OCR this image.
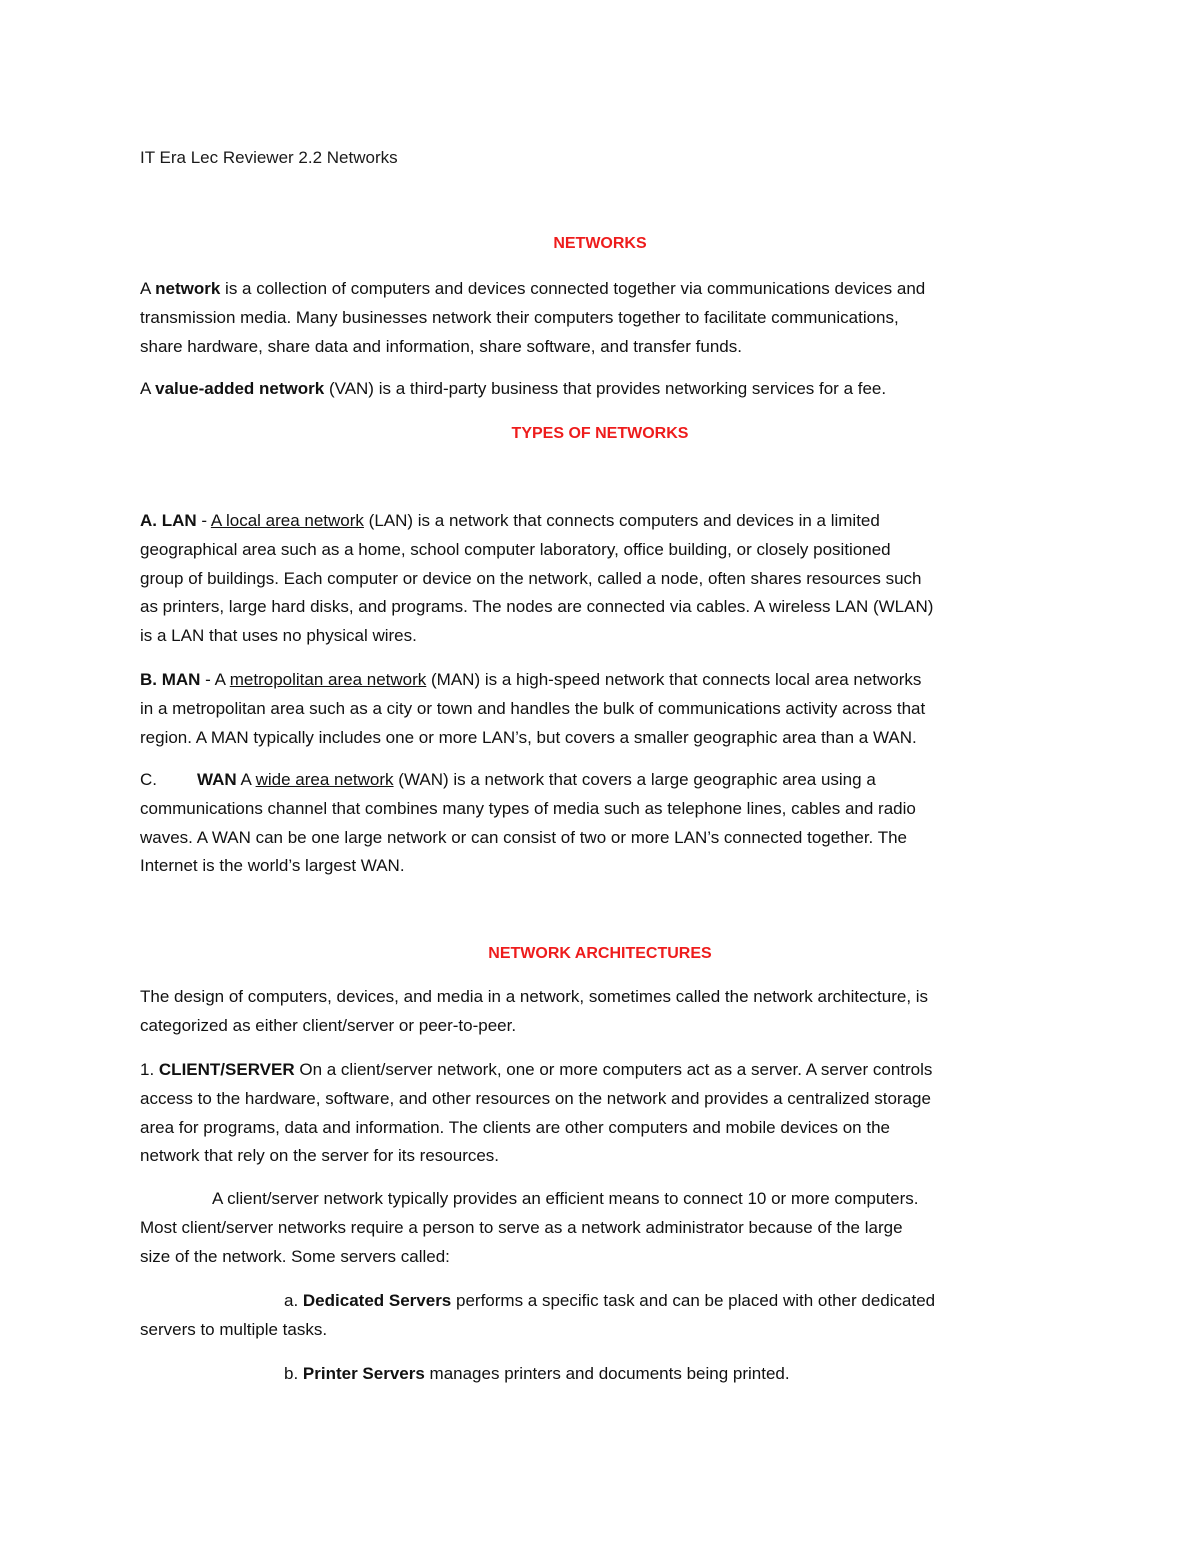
IT Era Lec Reviewer 2.2 Networks
NETWORKS
A network is a collection of computers and devices connected together via communications devices and
transmission media. Many businesses network their computers together to facilitate communications,
share hardware, share data and information, share software, and transfer funds.
A value-added network (VAN) is a third-party business that provides networking services for a fee.
TYPES OF NETWORKS
A. LAN - A local area network (LAN) is a network that connects computers and devices in a limited
geographical area such as a home, school computer laboratory, office building, or closely positioned
group of buildings. Each computer or device on the network, called a node, often shares resources such
as printers, large hard disks, and programs. The nodes are connected via cables. A wireless LAN (WLAN)
is a LAN that uses no physical wires.
B. MAN - A metropolitan area network (MAN) is a high-speed network that connects local area networks
in a metropolitan area such as a city or town and handles the bulk of communications activity across that
region. A MAN typically includes one or more LAN’s, but covers a smaller geographic area than a WAN.
C. WAN A wide area network (WAN) is a network that covers a large geographic area using a
communications channel that combines many types of media such as telephone lines, cables and radio
waves. A WAN can be one large network or can consist of two or more LAN’s connected together. The
Internet is the world’s largest WAN.
NETWORK ARCHITECTURES
The design of computers, devices, and media in a network, sometimes called the network architecture, is
categorized as either client/server or peer-to-peer.
1. CLIENT/SERVER On a client/server network, one or more computers act as a server. A server controls
access to the hardware, software, and other resources on the network and provides a centralized storage
area for programs, data and information. The clients are other computers and mobile devices on the
network that rely on the server for its resources.
A client/server network typically provides an efficient means to connect 10 or more computers.
Most client/server networks require a person to serve as a network administrator because of the large
size of the network. Some servers called:
a. Dedicated Servers performs a specific task and can be placed with other dedicated
servers to multiple tasks.
b. Printer Servers manages printers and documents being printed.
